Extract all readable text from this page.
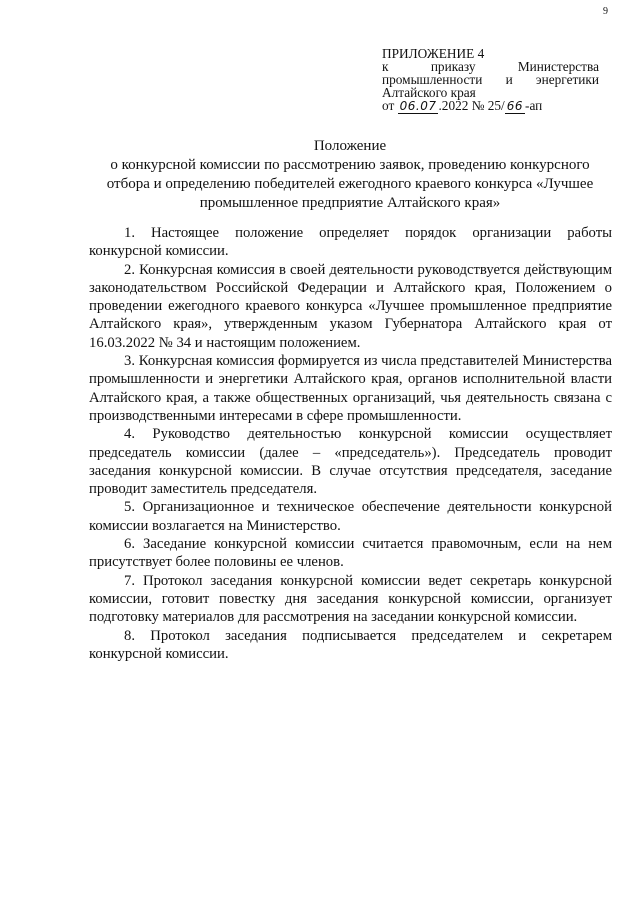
9
ПРИЛОЖЕНИЕ 4
к приказу Министерства
промышленности и энергетики
Алтайского края
от 06.07 .2022 № 25/ 66 -ап
Положение
о конкурсной комиссии по рассмотрению заявок, проведению конкурсного
отбора и определению победителей ежегодного краевого конкурса «Лучшее
промышленное предприятие Алтайского края»

1. Настоящее положение определяет порядок организации работы конкурсной комиссии.

2. Конкурсная комиссия в своей деятельности руководствуется действующим законодательством Российской Федерации и Алтайского края, Положением о проведении ежегодного краевого конкурса «Лучшее промышленное предприятие Алтайского края», утвержденным указом Губернатора Алтайского края от 16.03.2022 № 34 и настоящим положением.

3. Конкурсная комиссия формируется из числа представителей Министерства промышленности и энергетики Алтайского края, органов исполнительной власти Алтайского края, а также общественных организаций, чья деятельность связана с производственными интересами в сфере промышленности.

4. Руководство деятельностью конкурсной комиссии осуществляет председатель комиссии (далее – «председатель»). Председатель проводит заседания конкурсной комиссии. В случае отсутствия председателя, заседание проводит заместитель председателя.

5. Организационное и техническое обеспечение деятельности конкурсной комиссии возлагается на Министерство.

6. Заседание конкурсной комиссии считается правомочным, если на нем присутствует более половины ее членов.

7. Протокол заседания конкурсной комиссии ведет секретарь конкурсной комиссии, готовит повестку дня заседания конкурсной комиссии, организует подготовку материалов для рассмотрения на заседании конкурсной комиссии.

8. Протокол заседания подписывается председателем и секретарем конкурсной комиссии.
